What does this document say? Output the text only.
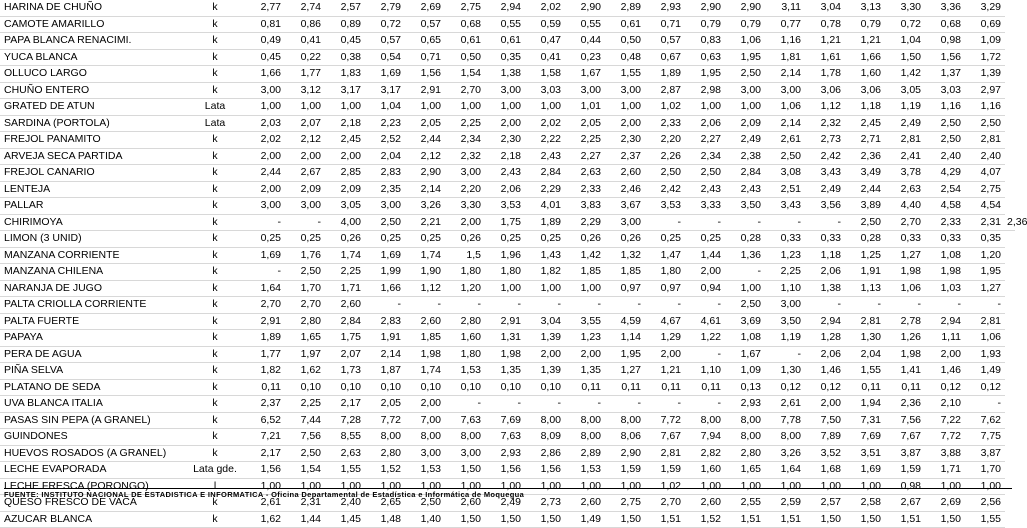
HARINA DE CHUÑO	k	2,77	2,74	2,57	2,79	2,69	2,75	2,94	2,02	2,90	2,89	2,93	2,90	2,90	3,11	3,04	3,13	3,30	3,36	3,29	
CAMOTE AMARILLO	k	0,81	0,86	0,89	0,72	0,57	0,68	0,55	0,59	0,55	0,61	0,71	0,79	0,79	0,77	0,78	0,79	0,72	0,68	0,69	
PAPA BLANCA RENACIMI.	k	0,49	0,41	0,45	0,57	0,65	0,61	0,61	0,47	0,44	0,50	0,57	0,83	1,06	1,16	1,21	1,21	1,04	0,98	1,09	
YUCA BLANCA	k	0,45	0,22	0,38	0,54	0,71	0,50	0,35	0,41	0,23	0,48	0,67	0,63	1,95	1,81	1,61	1,66	1,50	1,56	1,72	
OLLUCO LARGO	k	1,66	1,77	1,83	1,69	1,56	1,54	1,38	1,58	1,67	1,55	1,89	1,95	2,50	2,14	1,78	1,60	1,42	1,37	1,39	
CHUÑO ENTERO	k	3,00	3,12	3,17	3,17	2,91	2,70	3,00	3,03	3,00	3,00	2,87	2,98	3,00	3,00	3,06	3,06	3,05	3,03	2,97	
GRATED DE ATUN	Lata	1,00	1,00	1,00	1,04	1,00	1,00	1,00	1,00	1,01	1,00	1,02	1,00	1,00	1,06	1,12	1,18	1,19	1,16	1,16	
SARDINA (PORTOLA)	Lata	2,03	2,07	2,18	2,23	2,05	2,25	2,00	2,02	2,05	2,00	2,33	2,06	2,09	2,14	2,32	2,45	2,49	2,50	2,50	
FREJOL PANAMITO	k	2,02	2,12	2,45	2,52	2,44	2,34	2,30	2,22	2,25	2,30	2,20	2,27	2,49	2,61	2,73	2,71	2,81	2,50	2,81	
ARVEJA SECA PARTIDA	k	2,00	2,00	2,00	2,04	2,12	2,32	2,18	2,43	2,27	2,37	2,26	2,34	2,38	2,50	2,42	2,36	2,41	2,40	2,40	
FREJOL CANARIO	k	2,44	2,67	2,85	2,83	2,90	3,00	2,43	2,84	2,63	2,60	2,50	2,50	2,84	3,08	3,43	3,49	3,78	4,29	4,07	
LENTEJA	k	2,00	2,09	2,09	2,35	2,14	2,20	2,06	2,29	2,33	2,46	2,42	2,43	2,43	2,51	2,49	2,44	2,63	2,54	2,75	
PALLAR	k	3,00	3,00	3,05	3,00	3,26	3,30	3,53	4,01	3,83	3,67	3,53	3,33	3,50	3,43	3,56	3,89	4,40	4,58	4,54	
CHIRIMOYA	k	-	-	4,00	2,50	2,21	2,00	1,75	1,89	2,29	3,00	-	-	-	-	-	2,50	2,70	2,33	2,31	2,36
LIMON (3 UNID)	k	0,25	0,25	0,26	0,25	0,25	0,26	0,25	0,25	0,26	0,26	0,25	0,25	0,28	0,33	0,33	0,28	0,33	0,33	0,35	
MANZANA CORRIENTE	k	1,69	1,76	1,74	1,69	1,74	1,5	1,96	1,43	1,42	1,32	1,47	1,44	1,36	1,23	1,18	1,25	1,27	1,08	1,20	
MANZANA CHILENA	k	-	2,50	2,25	1,99	1,90	1,80	1,80	1,82	1,85	1,85	1,80	2,00	-	2,25	2,06	1,91	1,98	1,98	1,95	
NARANJA DE JUGO	k	1,64	1,70	1,71	1,66	1,12	1,20	1,00	1,00	1,00	0,97	0,97	0,94	1,00	1,10	1,38	1,13	1,06	1,03	1,27	
PALTA CRIOLLA CORRIENTE	k	2,70	2,70	2,60	-	-	-	-	-	-	-	-	-	2,50	3,00	-	-	-	-	-	
PALTA FUERTE	k	2,91	2,80	2,84	2,83	2,60	2,80	2,91	3,04	3,55	4,59	4,67	4,61	3,69	3,50	2,94	2,81	2,78	2,94	2,81	
PAPAYA	k	1,89	1,65	1,75	1,91	1,85	1,60	1,31	1,39	1,23	1,14	1,29	1,22	1,08	1,19	1,28	1,30	1,26	1,11	1,06	
PERA DE AGUA	k	1,77	1,97	2,07	2,14	1,98	1,80	1,98	2,00	2,00	1,95	2,00	-	1,67	-	2,06	2,04	1,98	2,00	1,93	
PIÑA SELVA	k	1,82	1,62	1,73	1,87	1,74	1,53	1,35	1,39	1,35	1,27	1,21	1,10	1,09	1,30	1,46	1,55	1,41	1,46	1,49	
PLATANO DE SEDA	k	0,11	0,10	0,10	0,10	0,10	0,10	0,10	0,10	0,11	0,11	0,11	0,11	0,13	0,12	0,12	0,11	0,11	0,12	0,12	
UVA BLANCA ITALIA	k	2,37	2,25	2,17	2,05	2,00	-	-	-	-	-	-	-	2,93	2,61	2,00	1,94	2,36	2,10	-	
PASAS SIN PEPA (A GRANEL)	k	6,52	7,44	7,28	7,72	7,00	7,63	7,69	8,00	8,00	8,00	7,72	8,00	8,00	7,78	7,50	7,31	7,56	7,22	7,62	
GUINDONES	k	7,21	7,56	8,55	8,00	8,00	8,00	7,63	8,09	8,00	8,06	7,67	7,94	8,00	8,00	7,89	7,69	7,67	7,72	7,75	
HUEVOS ROSADOS (A GRANEL)	k	2,17	2,50	2,63	2,80	3,00	3,00	2,93	2,86	2,89	2,90	2,81	2,82	2,80	3,26	3,52	3,51	3,87	3,88	3,87	
LECHE EVAPORADA	Lata gde.	1,56	1,54	1,55	1,52	1,53	1,50	1,56	1,56	1,53	1,59	1,59	1,60	1,65	1,64	1,68	1,69	1,59	1,71	1,70	
LECHE FRESCA (PORONGO)	l	1,00	1,00	1,00	1,00	1,00	1,00	1,00	1,00	1,00	1,00	1,02	1,00	1,00	1,00	1,00	1,00	0,98	1,00	1,00	
QUESO FRESCO DE VACA	k	2,61	2,31	2,40	2,65	2,50	2,60	2,49	2,73	2,60	2,75	2,70	2,60	2,55	2,59	2,57	2,58	2,67	2,69	2,56	
AZUCAR BLANCA	k	1,62	1,44	1,45	1,48	1,40	1,50	1,50	1,50	1,49	1,50	1,51	1,52	1,51	1,51	1,50	1,50	1,51	1,50	1,55	
FUENTE: INSTITUTO NACIONAL DE ESTADISTICA E INFORMATICA - Oficina Departamental de Estadística e Informática de Moquegua
